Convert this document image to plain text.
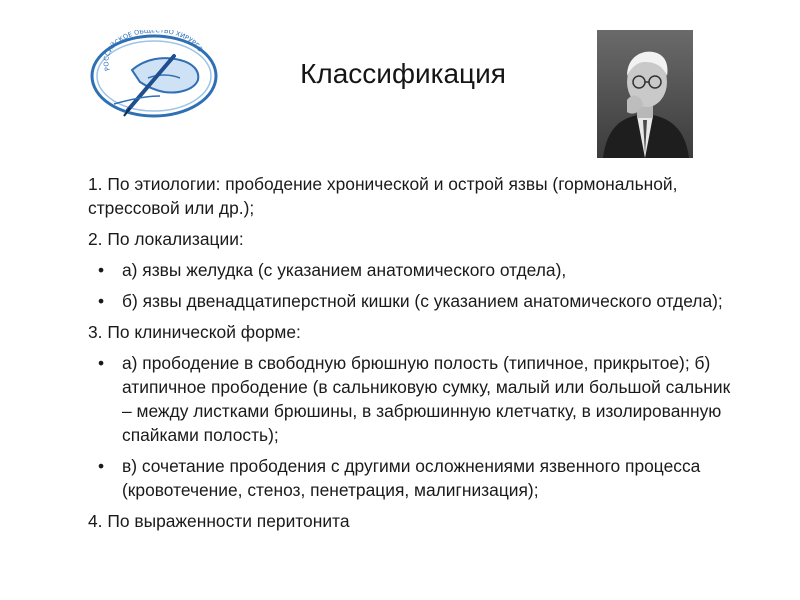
РОССИЙСКОЕ ОБЩЕСТВО ХИРУРГО
Классификация
1. По этиологии: прободение хронической и острой язвы (гормональной, стрессовой или др.);
2. По локализации:
• а) язвы желудка (с указанием анатомического отдела),
• б) язвы двенадцатиперстной кишки (с указанием анатомического отдела);
3. По клинической форме:
• а) прободение в свободную брюшную полость (типичное, прикрытое); б) атипичное прободение (в сальниковую сумку, малый или большой сальник – между листками брюшины, в забрюшинную клетчатку, в изолированную спайками полость);
• в) сочетание прободения с другими осложнениями язвенного процесса (кровотечение, стеноз, пенетрация, малигнизация);
4. По выраженности перитонита
